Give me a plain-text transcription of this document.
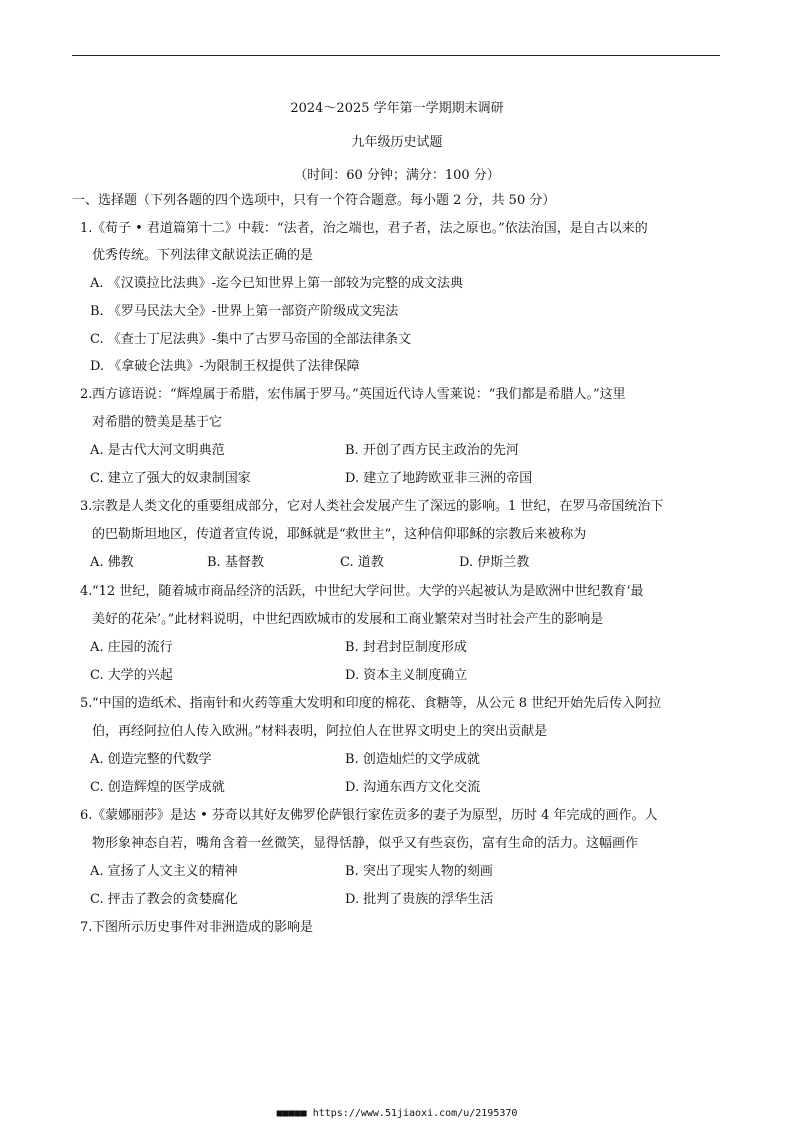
2024～2025 学年第一学期期末调研
九年级历史试题
（时间：60 分钟；满分：100 分）
一、选择题（下列各题的四个选项中，只有一个符合题意。每小题 2 分，共 50 分）
1.《荀子 • 君道篇第十二》中载：“法者，治之端也，君子者，法之原也。”依法治国，是自古以来的
优秀传统。下列法律文献说法正确的是
A. 《汉谟拉比法典》-迄今已知世界上第一部较为完整的成文法典
B. 《罗马民法大全》-世界上第一部资产阶级成文宪法
C. 《查士丁尼法典》-集中了古罗马帝国的全部法律条文
D. 《拿破仑法典》-为限制王权提供了法律保障
2.西方谚语说：“辉煌属于希腊，宏伟属于罗马。”英国近代诗人雪莱说：“我们都是希腊人。”这里
对希腊的赞美是基于它
A. 是古代大河文明典范	B. 开创了西方民主政治的先河
C. 建立了强大的奴隶制国家	D. 建立了地跨欧亚非三洲的帝国
3.宗教是人类文化的重要组成部分，它对人类社会发展产生了深远的影响。1 世纪，在罗马帝国统治下
的巴勒斯坦地区，传道者宣传说，耶稣就是“救世主”，这种信仰耶稣的宗教后来被称为
A. 佛教	B. 基督教	C. 道教	D. 伊斯兰教
4.“12 世纪，随着城市商品经济的活跃，中世纪大学问世。大学的兴起被认为是欧洲中世纪教育‘最
美好的花朵’。”此材料说明，中世纪西欧城市的发展和工商业繁荣对当时社会产生的影响是
A. 庄园的流行	B. 封君封臣制度形成
C. 大学的兴起	D. 资本主义制度确立
5.“中国的造纸术、指南针和火药等重大发明和印度的棉花、食糖等，从公元 8 世纪开始先后传入阿拉
伯，再经阿拉伯人传入欧洲。”材料表明，阿拉伯人在世界文明史上的突出贡献是
A. 创造完整的代数学	B. 创造灿烂的文学成就
C. 创造辉煌的医学成就	D. 沟通东西方文化交流
6.《蒙娜丽莎》是达 • 芬奇以其好友佛罗伦萨银行家佐贡多的妻子为原型，历时 4 年完成的画作。人
物形象神态自若，嘴角含着一丝微笑，显得恬静，似乎又有些哀伤，富有生命的活力。这幅画作
A. 宣扬了人文主义的精神	B. 突出了现实人物的刻画
C. 抨击了教会的贪婪腐化	D. 批判了贵族的浮华生活
7.下图所示历史事件对非洲造成的影响是
■■■■■ https://www.51jiaoxi.com/u/2195370
